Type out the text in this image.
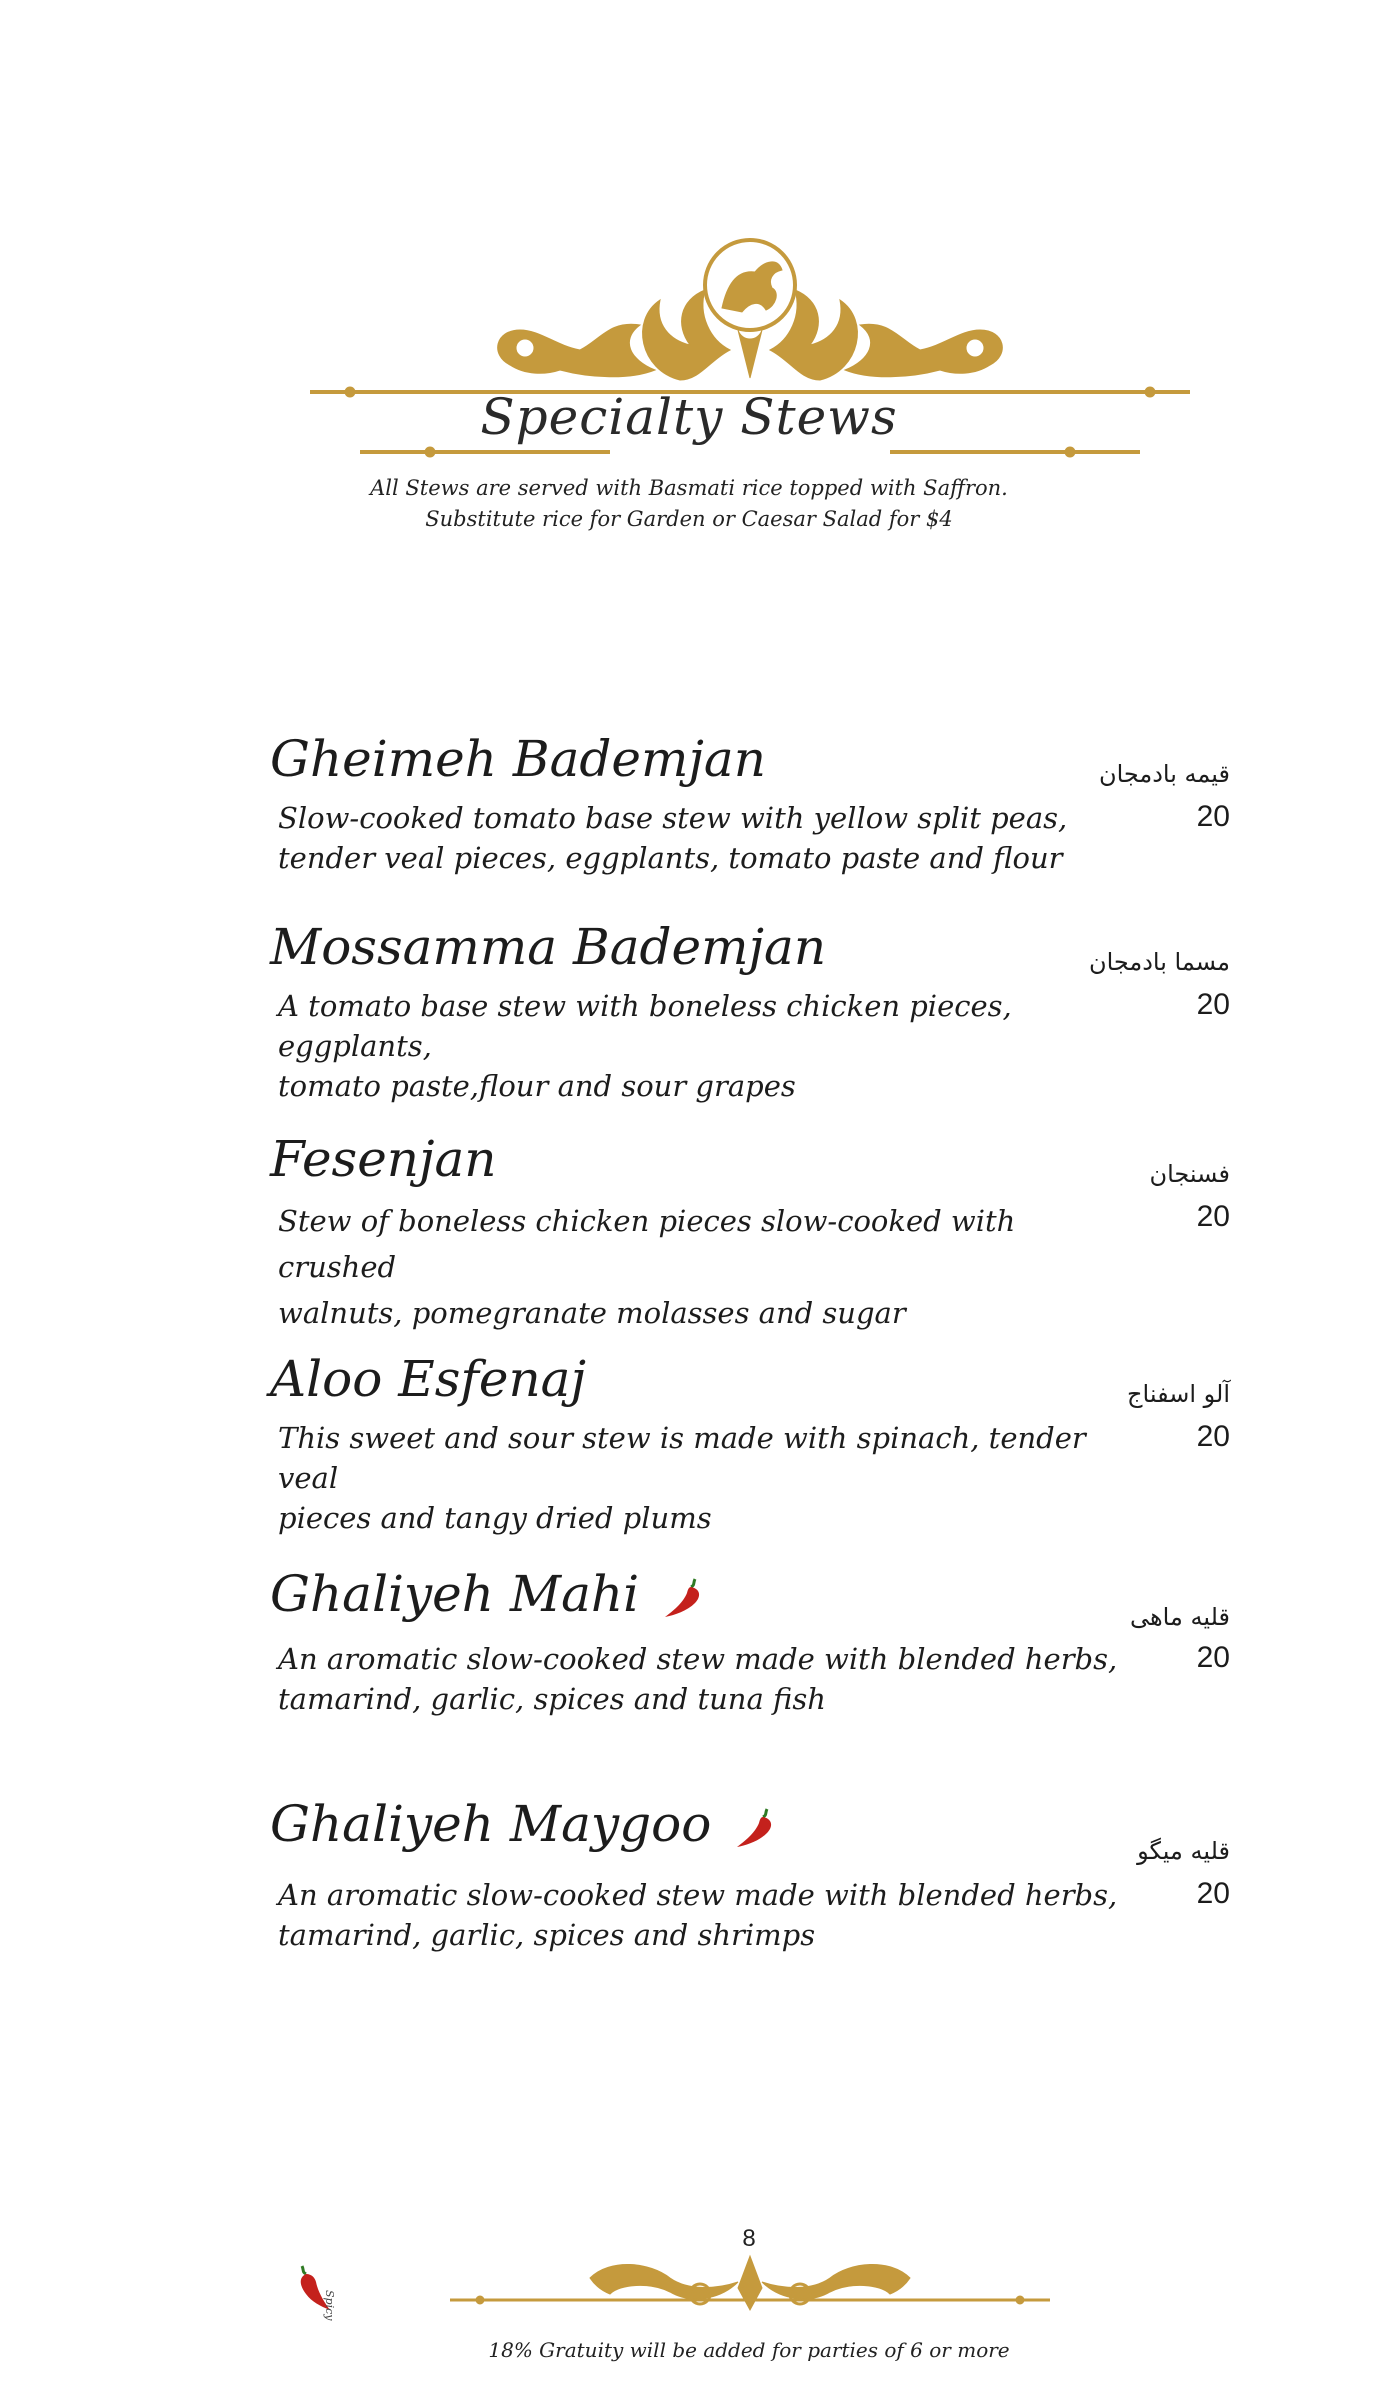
Specialty Stews
All Stews are served with Basmati rice topped with Saffron.
Substitute rice for Garden or Caesar Salad for $4
Gheimeh Bademjan	قیمه بادمجان
20
Slow-cooked tomato base stew with yellow split peas,
tender veal pieces, eggplants, tomato paste and flour
Mossamma Bademjan	مسما بادمجان
20
A tomato base stew with boneless chicken pieces, eggplants,
tomato paste,flour and sour grapes
Fesenjan	فسنجان
20
Stew of boneless chicken pieces slow-cooked with crushed
walnuts, pomegranate molasses and sugar
Aloo Esfenaj	آلو اسفناج
20
This sweet and sour stew is made with spinach, tender veal
pieces and tangy dried plums
Ghaliyeh Mahi	قلیه ماهی
20
An aromatic slow-cooked stew made with blended herbs,
tamarind, garlic, spices and tuna fish
Ghaliyeh Maygoo	قلیه میگو
20
An aromatic slow-cooked stew made with blended herbs,
tamarind, garlic, spices and shrimps
Spicy
8
18% Gratuity will be added for parties of 6 or more
